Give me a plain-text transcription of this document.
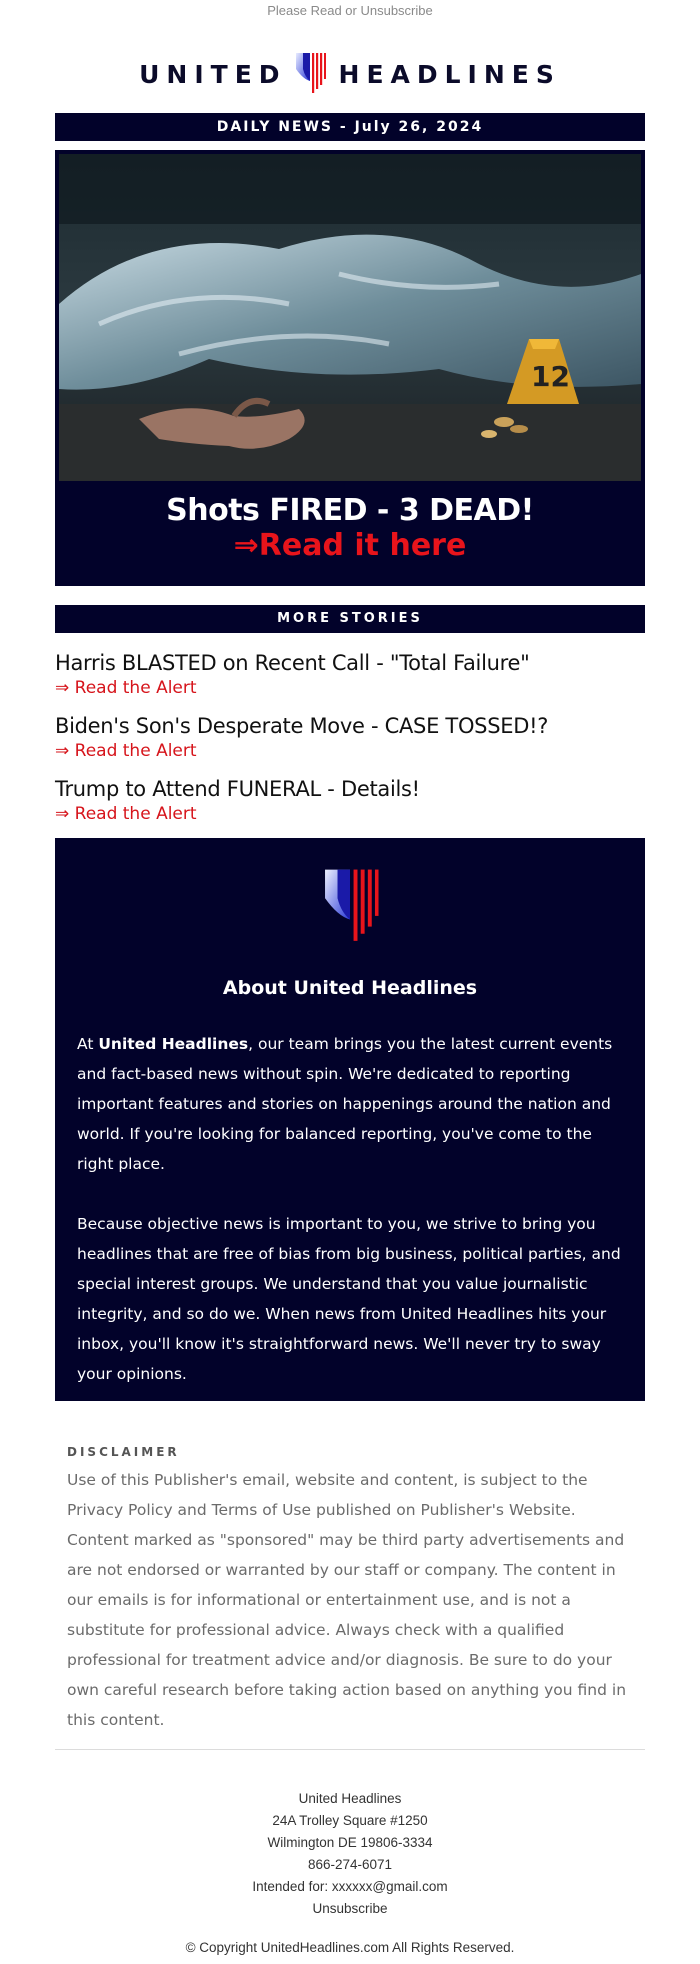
Please Read or Unsubscribe
UNITED HEADLINES
DAILY NEWS - July 26, 2024
12
Shots FIRED - 3 DEAD!
⇒Read it here
MORE STORIES
Harris BLASTED on Recent Call - "Total Failure"
⇒ Read the Alert
Biden's Son's Desperate Move - CASE TOSSED!?
⇒ Read the Alert
Trump to Attend FUNERAL - Details!
⇒ Read the Alert
About United Headlines

At United Headlines, our team brings you the latest current events and fact-based news without spin. We're dedicated to reporting important features and stories on happenings around the nation and world. If you're looking for balanced reporting, you've come to the right place.

Because objective news is important to you, we strive to bring you headlines that are free of bias from big business, political parties, and special interest groups. We understand that you value journalistic integrity, and so do we. When news from United Headlines hits your inbox, you'll know it's straightforward news. We'll never try to sway your opinions.

DISCLAIMER
Use of this Publisher's email, website and content, is subject to the Privacy Policy and Terms of Use published on Publisher's Website. Content marked as "sponsored" may be third party advertisements and are not endorsed or warranted by our staff or company. The content in our emails is for informational or entertainment use, and is not a substitute for professional advice. Always check with a qualified professional for treatment advice and/or diagnosis. Be sure to do your own careful research before taking action based on anything you find in this content.
United Headlines
24A Trolley Square #1250
Wilmington DE 19806-3334
866-274-6071
Intended for: xxxxxx@gmail.com
Unsubscribe
© Copyright UnitedHeadlines.com All Rights Reserved.
